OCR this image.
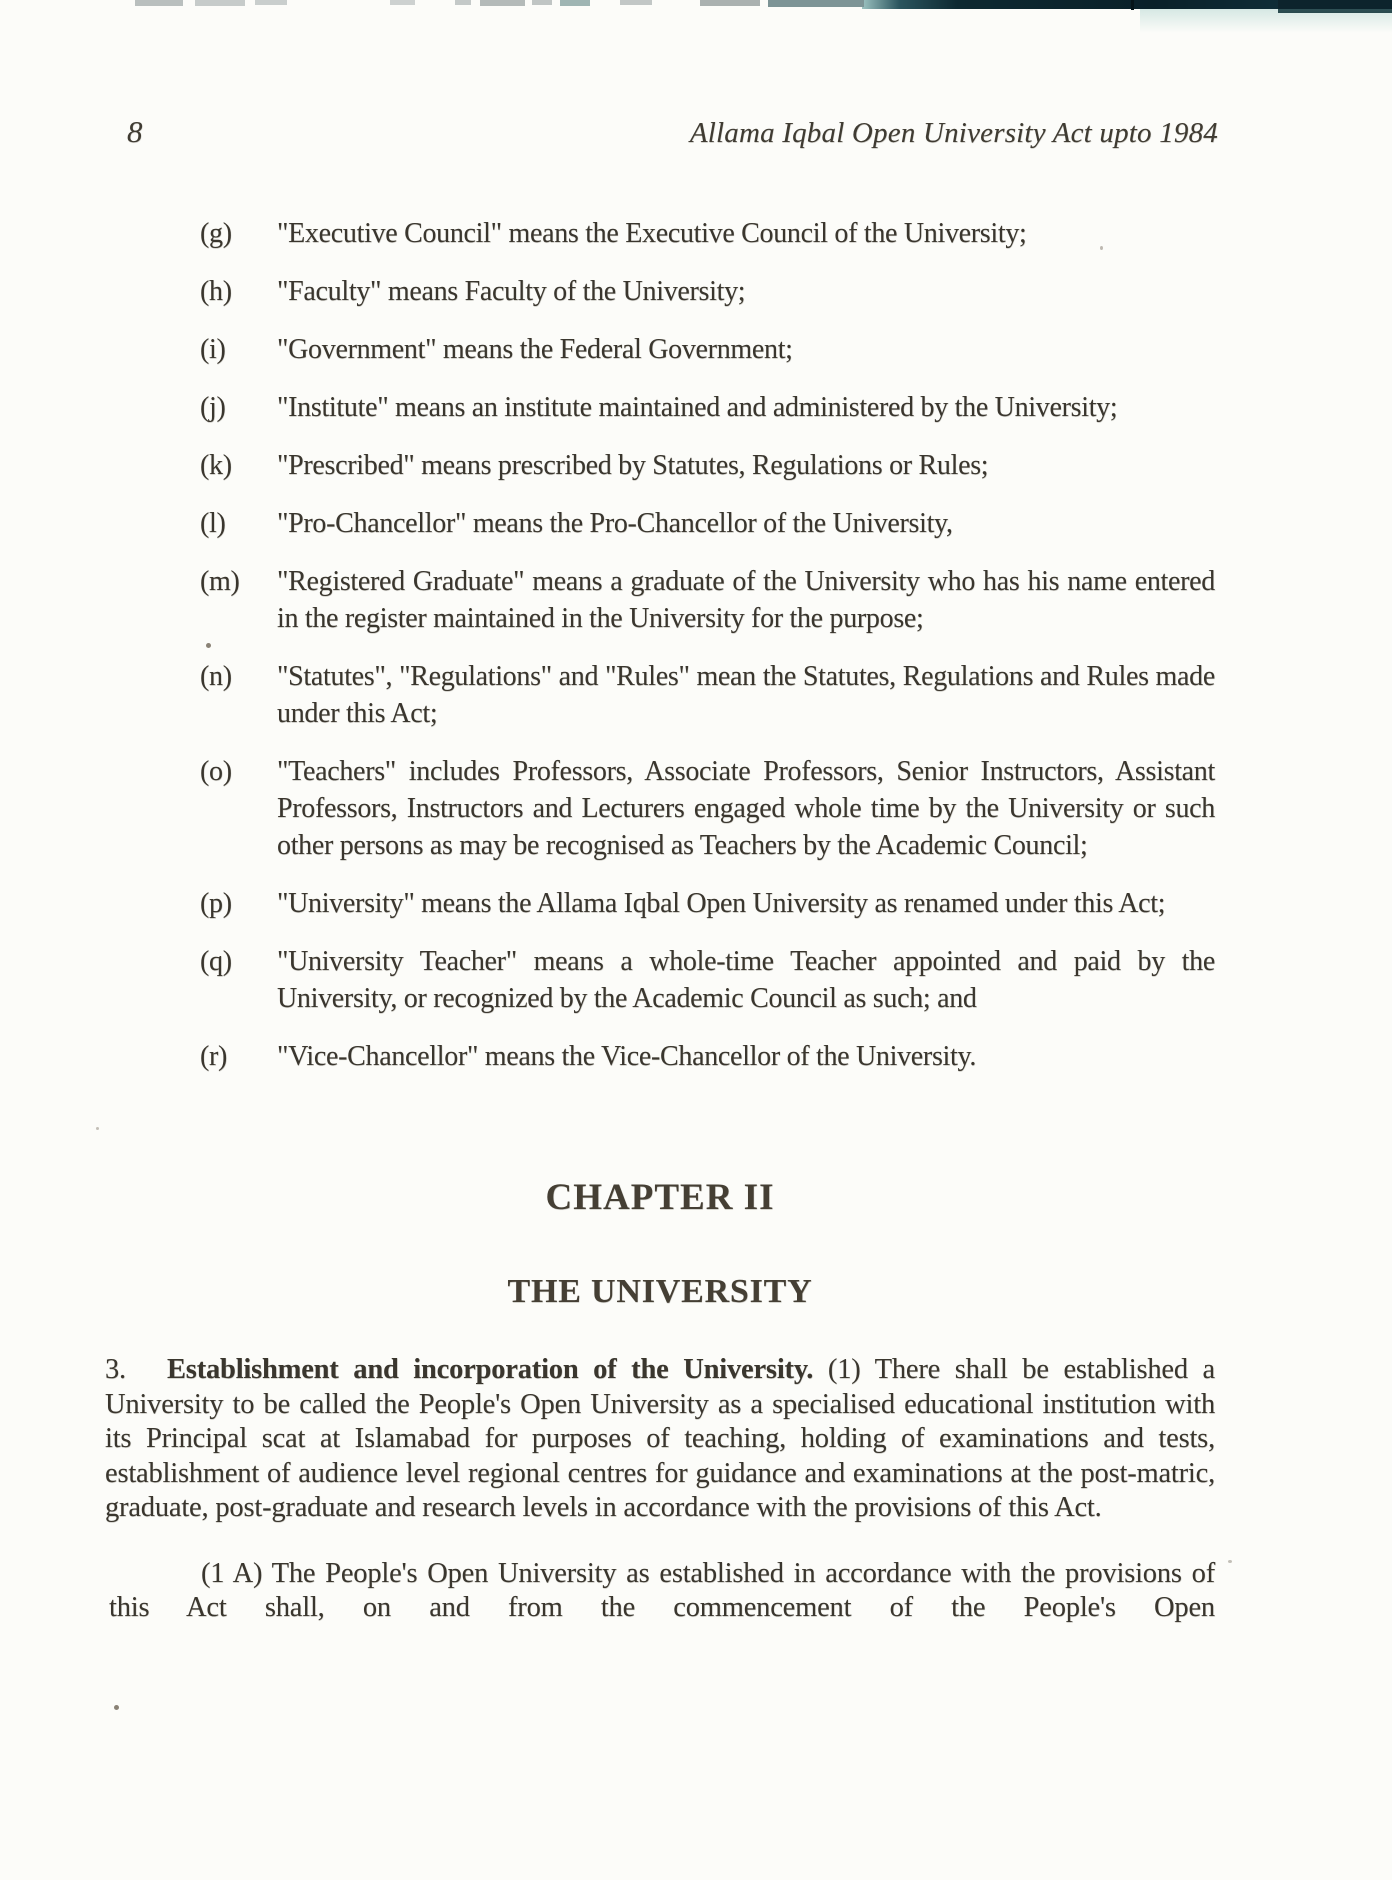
8	Allama Iqbal Open University Act upto 1984
(g)	"Executive Council" means the Executive Council of the University;
(h)	"Faculty" means Faculty of the University;
(i)	"Government" means the Federal Government;
(j)	"Institute" means an institute maintained and administered by the University;
(k)	"Prescribed" means prescribed by Statutes, Regulations or Rules;
(l)	"Pro-Chancellor" means the Pro-Chancellor of the University,
(m)	"Registered Graduate" means a graduate of the University who has his name entered in the register maintained in the University for the purpose;
(n)	"Statutes", "Regulations" and "Rules" mean the Statutes, Regulations and Rules made under this Act;
(o)	"Teachers" includes Professors, Associate Professors, Senior Instructors, Assistant Professors, Instructors and Lecturers engaged whole time by the University or such other persons as may be recognised as Teachers by the Academic Council;
(p)	"University" means the Allama Iqbal Open University as renamed under this Act;
(q)	"University Teacher" means a whole-time Teacher appointed and paid by the University, or recognized by the Academic Council as such; and
(r)	"Vice-Chancellor" means the Vice-Chancellor of the University.
CHAPTER II
THE UNIVERSITY

3. Establishment and incorporation of the University. (1) There shall be established a University to be called the People's Open University as a specialised educational institution with its Principal scat at Islamabad for purposes of teaching, holding of examinations and tests, establishment of audience level regional centres for guidance and examinations at the post-matric, graduate, post-graduate and research levels in accordance with the provisions of this Act.

(1 A) The People's Open University as established in accordance with the provisions of this Act shall, on and from the commencement of the People's Open
